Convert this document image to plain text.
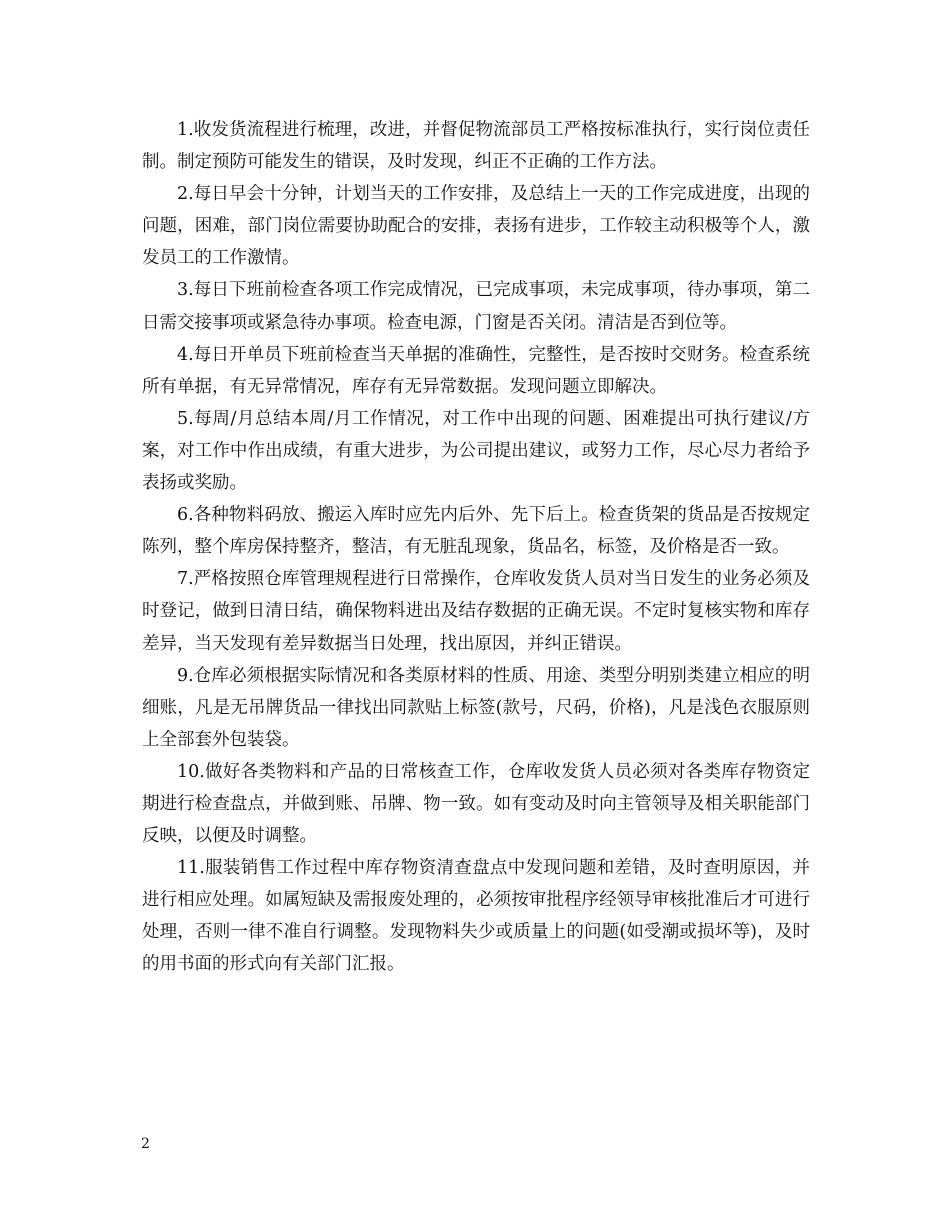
1.收发货流程进行梳理，改进，并督促物流部员工严格按标准执行，实行岗位责任制。制定预防可能发生的错误，及时发现，纠正不正确的工作方法。

2.每日早会十分钟，计划当天的工作安排，及总结上一天的工作完成进度，出现的问题，困难，部门岗位需要协助配合的安排，表扬有进步，工作较主动积极等个人，激发员工的工作激情。

3.每日下班前检查各项工作完成情况，已完成事项，未完成事项，待办事项，第二日需交接事项或紧急待办事项。检查电源，门窗是否关闭。清洁是否到位等。

4.每日开单员下班前检查当天单据的准确性，完整性，是否按时交财务。检查系统所有单据，有无异常情况，库存有无异常数据。发现问题立即解决。

5.每周/月总结本周/月工作情况，对工作中出现的问题、困难提出可执行建议/方案，对工作中作出成绩，有重大进步，为公司提出建议，或努力工作，尽心尽力者给予表扬或奖励。

6.各种物料码放、搬运入库时应先内后外、先下后上。检查货架的货品是否按规定陈列，整个库房保持整齐，整洁，有无脏乱现象，货品名，标签，及价格是否一致。

7.严格按照仓库管理规程进行日常操作，仓库收发货人员对当日发生的业务必须及时登记，做到日清日结，确保物料进出及结存数据的正确无误。不定时复核实物和库存差异，当天发现有差异数据当日处理，找出原因，并纠正错误。

9.仓库必须根据实际情况和各类原材料的性质、用途、类型分明别类建立相应的明细账，凡是无吊牌货品一律找出同款贴上标签(款号，尺码，价格)，凡是浅色衣服原则上全部套外包装袋。

10.做好各类物料和产品的日常核查工作，仓库收发货人员必须对各类库存物资定期进行检查盘点，并做到账、吊牌、物一致。如有变动及时向主管领导及相关职能部门反映，以便及时调整。

11.服装销售工作过程中库存物资清查盘点中发现问题和差错，及时查明原因，并进行相应处理。如属短缺及需报废处理的，必须按审批程序经领导审核批准后才可进行处理，否则一律不准自行调整。发现物料失少或质量上的问题(如受潮或损坏等)，及时的用书面的形式向有关部门汇报。

2
